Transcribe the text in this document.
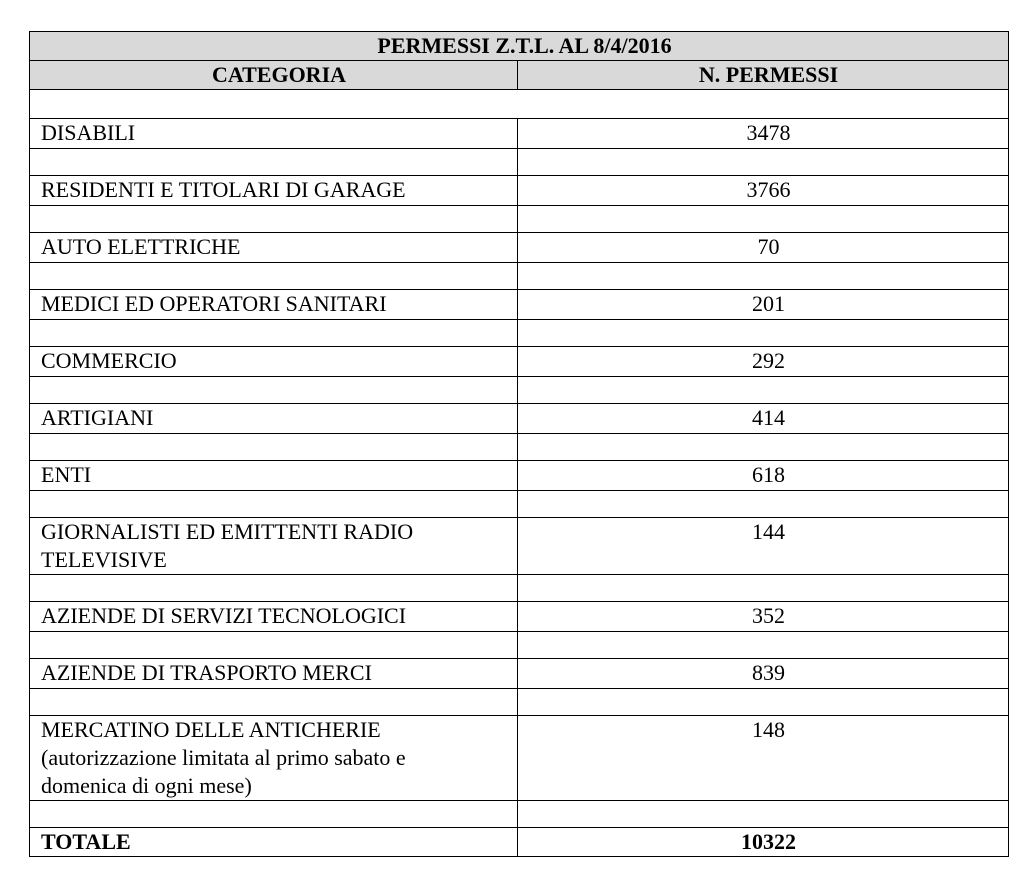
PERMESSI Z.T.L. AL 8/4/2016	
CATEGORIA	N. PERMESSI

DISABILI	3478

RESIDENTI E TITOLARI DI GARAGE	3766

AUTO ELETTRICHE	70

MEDICI ED OPERATORI SANITARI	201

COMMERCIO	292

ARTIGIANI	414

ENTI	618

GIORNALISTI ED EMITTENTI RADIO
TELEVISIVE	144

AZIENDE DI SERVIZI TECNOLOGICI	352

AZIENDE DI TRASPORTO MERCI	839

MERCATINO DELLE ANTICHERIE
(autorizzazione limitata al primo sabato e
domenica di ogni mese)	148

TOTALE	10322
